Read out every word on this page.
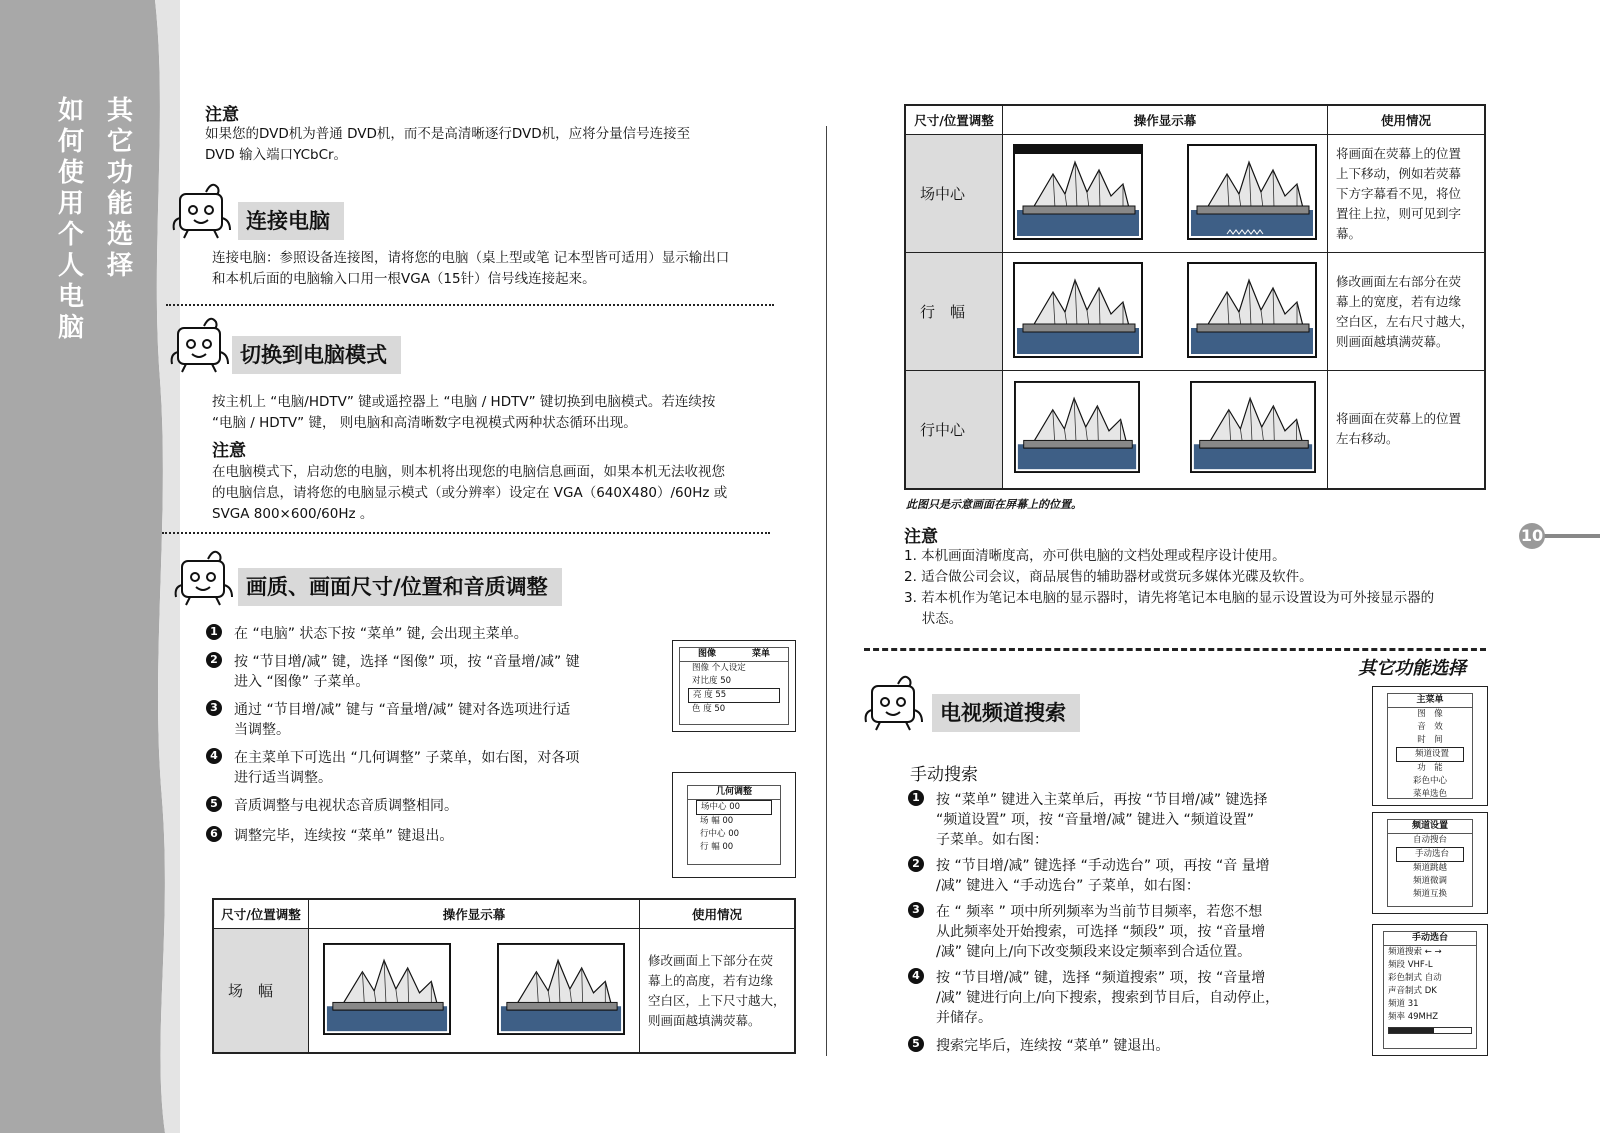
其
它
功
能
选
择
如
何
使
用
个
人
电
脑
注意
如果您的DVD机为普通 DVD机，而不是高清晰逐行DVD机，应将分量信号连接至
DVD 输入端口YCbCr。
连接电脑
连接电脑：参照设备连接图，请将您的电脑（桌上型或笔 记本型皆可适用）显示输出口
和本机后面的电脑输入口用一根VGA（15针）信号线连接起来。
切换到电脑模式
按主机上 “电脑/HDTV” 键或遥控器上 “电脑 / HDTV” 键切换到电脑模式。若连续按
“电脑 / HDTV” 键， 则电脑和高清晰数字电视模式两种状态循环出现。
注意
在电脑模式下，启动您的电脑，则本机将出现您的电脑信息画面，如果本机无法收视您
的电脑信息，请将您的电脑显示模式（或分辨率）设定在 VGA（640X480）/60Hz 或
SVGA 800×600/60Hz 。
画质、画面尺寸/位置和音质调整
1 在 “电脑” 状态下按 “菜单” 键, 会出现主菜单。
2 按 “节目增/减” 键，选择 “图像” 项，按 “音量增/减” 键
进入 “图像” 子菜单。
3 通过 “节目增/减” 键与 “音量增/减” 键对各选项进行适
当调整。
4 在主菜单下可选出 “几何调整” 子菜单，如右图，对各项
进行适当调整。
5 音质调整与电视状态音质调整相同。
6 调整完毕，连续按 “菜单” 键退出。
图像	菜单
图像 个人设定
对比度 50
亮 度 55
色 度 50
几何调整
场中心 00
场 幅 00
行中心 00
行 幅 00
尺寸/位置调整	操作显示幕	使用情况
场　幅		修改画面上下部分在荧
幕上的高度，若有边缘
空白区，上下尺寸越大，
则画面越填满荧幕。
尺寸/位置调整	操作显示幕	使用情况
场中心		将画面在荧幕上的位置
上下移动，例如若荧幕
下方字幕看不见，将位
置往上拉，则可见到字
幕。

行　幅		修改画面左右部分在荧
幕上的宽度，若有边缘
空白区，左右尺寸越大，
则画面越填满荧幕。

行中心		将画面在荧幕上的位置
左右移动。
此图只是示意画面在屏幕上的位置。
注意
1. 本机画面清晰度高，亦可供电脑的文档处理或程序设计使用。
2. 适合做公司会议，商品展售的辅助器材或赏玩多媒体光碟及软件。
3. 若本机作为笔记本电脑的显示器时，请先将笔记本电脑的显示设置设为可外接显示器的
　 状态。
10
其它功能选择
电视频道搜索
手动搜索
1 按 “菜单” 键进入主菜单后，再按 “节目增/减” 键选择
“频道设置” 项，按 “音量增/减” 键进入 “频道设置”
子菜单。如右图：
2 按 “节目增/减” 键选择 “手动选台” 项，再按 “音 量增
/减” 键进入 “手动选台” 子菜单，如右图：
3 在 “ 频率 ” 项中所列频率为当前节目频率，若您不想
从此频率处开始搜索，可选择 “频段” 项，按 “音量增
/减” 键向上/向下改变频段来设定频率到合适位置。
4 按 “节目增/减” 键，选择 “频道搜索” 项，按 “音量增
/减” 键进行向上/向下搜索，搜索到节目后，自动停止，
并储存。
5 搜索完毕后，连续按 “菜单” 键退出。
主菜单
图　像
音　效
时　间
频道设置
功　能
彩色中心
菜单选色
频道设置
自动搜台
手动选台
频道跳越
频道微调
频道互换
手动选台
频道搜索 ← →
频段 VHF-L
彩色制式 自动
声音制式 DK
频道 31
频率 49MHZ
